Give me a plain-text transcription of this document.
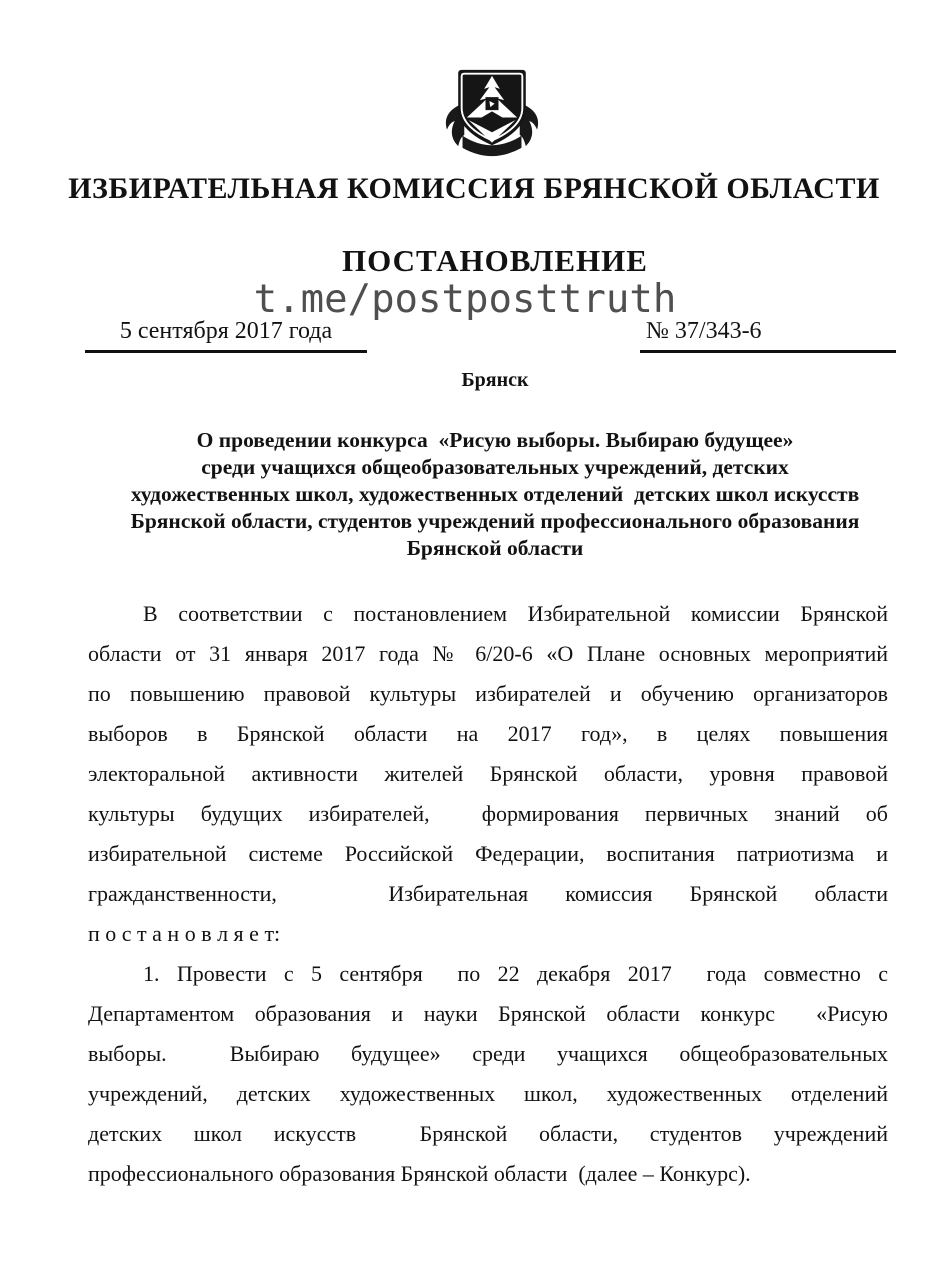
ИЗБИРАТЕЛЬНАЯ КОМИССИЯ БРЯНСКОЙ ОБЛАСТИ
ПОСТАНОВЛЕНИЕ
t.me/postposttruth
5 сентября 2017 года	№ 37/343-6
Брянск
О проведении конкурса  «Рисую выборы. Выбираю будущее»
среди учащихся общеобразовательных учреждений, детских
художественных школ, художественных отделений  детских школ искусств
Брянской области, студентов учреждений профессионального образования
Брянской области
В соответствии с постановлением Избирательной комиссии Брянской
области от 31 января 2017 года № 6/20-6 «О Плане основных мероприятий
по повышению правовой культуры избирателей и обучению организаторов
выборов в Брянской области на 2017 год», в целях повышения
электоральной активности жителей Брянской области, уровня правовой
культуры будущих избирателей,  формирования первичных знаний об
избирательной системе Российской Федерации, воспитания патриотизма и
гражданственности,   Избирательная комиссия Брянской области
п о с т а н о в л я е т:
1. Провести с 5 сентября  по 22 декабря 2017  года совместно с
Департаментом образования и науки Брянской области конкурс  «Рисую
выборы.  Выбираю будущее» среди учащихся общеобразовательных
учреждений, детских художественных школ, художественных отделений
детских школ искусств  Брянской области, студентов учреждений
профессионального образования Брянской области  (далее – Конкурс).
